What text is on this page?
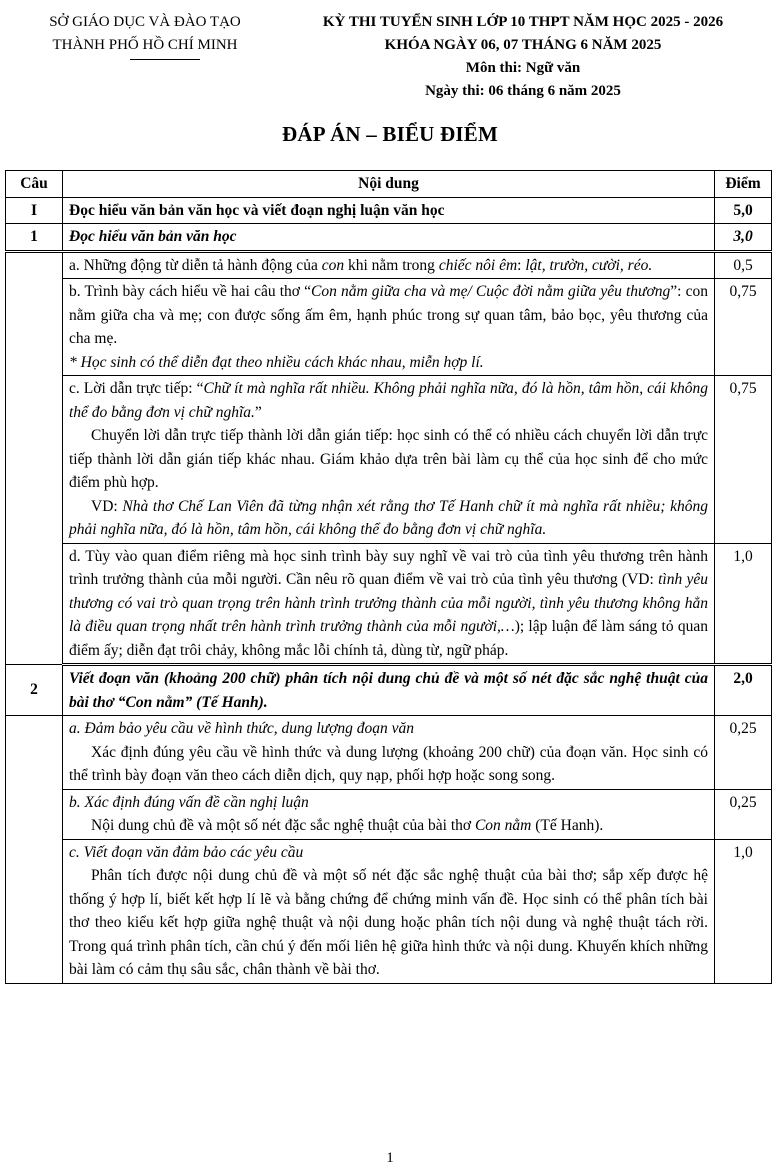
SỞ GIÁO DỤC VÀ ĐÀO TẠO
THÀNH PHỐ HỒ CHÍ MINH
KỲ THI TUYỂN SINH LỚP 10 THPT NĂM HỌC 2025 - 2026
KHÓA NGÀY 06, 07 THÁNG 6 NĂM 2025
Môn thi: Ngữ văn
Ngày thi: 06 tháng 6 năm 2025
ĐÁP ÁN – BIỂU ĐIỂM
Câu	Nội dung	Điểm
I	Đọc hiểu văn bản văn học và viết đoạn nghị luận văn học	5,0
1	Đọc hiểu văn bản văn học	3,0
	a. Những động từ diễn tả hành động của con khi nằm trong chiếc nôi êm: lật, trườn, cười, réo.	0,5

	b. Trình bày cách hiểu về hai câu thơ “Con nằm giữa cha và mẹ/ Cuộc đời nằm giữa yêu thương”: con nằm giữa cha và mẹ; con được sống ấm êm, hạnh phúc trong sự quan tâm, bảo bọc, yêu thương của cha mẹ.

* Học sinh có thể diễn đạt theo nhiều cách khác nhau, miễn hợp lí.	0,75

	c. Lời dẫn trực tiếp: “Chữ ít mà nghĩa rất nhiều. Không phải nghĩa nữa, đó là hồn, tâm hồn, cái không thể đo bằng đơn vị chữ nghĩa.”

Chuyển lời dẫn trực tiếp thành lời dẫn gián tiếp: học sinh có thể có nhiều cách chuyển lời dẫn trực tiếp thành lời dẫn gián tiếp khác nhau. Giám khảo dựa trên bài làm cụ thể của học sinh để cho mức điểm phù hợp.

VD: Nhà thơ Chế Lan Viên đã từng nhận xét rằng thơ Tế Hanh chữ ít mà nghĩa rất nhiều; không phải nghĩa nữa, đó là hồn, tâm hồn, cái không thể đo bằng đơn vị chữ nghĩa.	0,75
	d. Tùy vào quan điểm riêng mà học sinh trình bày suy nghĩ về vai trò của tình yêu thương trên hành trình trưởng thành của mỗi người. Cần nêu rõ quan điểm về vai trò của tình yêu thương (VD: tình yêu thương có vai trò quan trọng trên hành trình trưởng thành của mỗi người, tình yêu thương không hẳn là điều quan trọng nhất trên hành trình trưởng thành của mỗi người,…); lập luận để làm sáng tỏ quan điểm ấy; diễn đạt trôi chảy, không mắc lỗi chính tả, dùng từ, ngữ pháp.	1,0
2	Viết đoạn văn (khoảng 200 chữ) phân tích nội dung chủ đề và một số nét đặc sắc nghệ thuật của bài thơ “Con nằm” (Tế Hanh).	2,0

	a. Đảm bảo yêu cầu về hình thức, dung lượng đoạn văn

Xác định đúng yêu cầu về hình thức và dung lượng (khoảng 200 chữ) của đoạn văn. Học sinh có thể trình bày đoạn văn theo cách diễn dịch, quy nạp, phối hợp hoặc song song.	0,25

	b. Xác định đúng vấn đề cần nghị luận

Nội dung chủ đề và một số nét đặc sắc nghệ thuật của bài thơ Con nằm (Tế Hanh).	0,25

	c. Viết đoạn văn đảm bảo các yêu cầu

Phân tích được nội dung chủ đề và một số nét đặc sắc nghệ thuật của bài thơ; sắp xếp được hệ thống ý hợp lí, biết kết hợp lí lẽ và bằng chứng để chứng minh vấn đề. Học sinh có thể phân tích bài thơ theo kiểu kết hợp giữa nghệ thuật và nội dung hoặc phân tích nội dung và nghệ thuật tách rời. Trong quá trình phân tích, cần chú ý đến mối liên hệ giữa hình thức và nội dung. Khuyến khích những bài làm có cảm thụ sâu sắc, chân thành về bài thơ.	1,0
1
